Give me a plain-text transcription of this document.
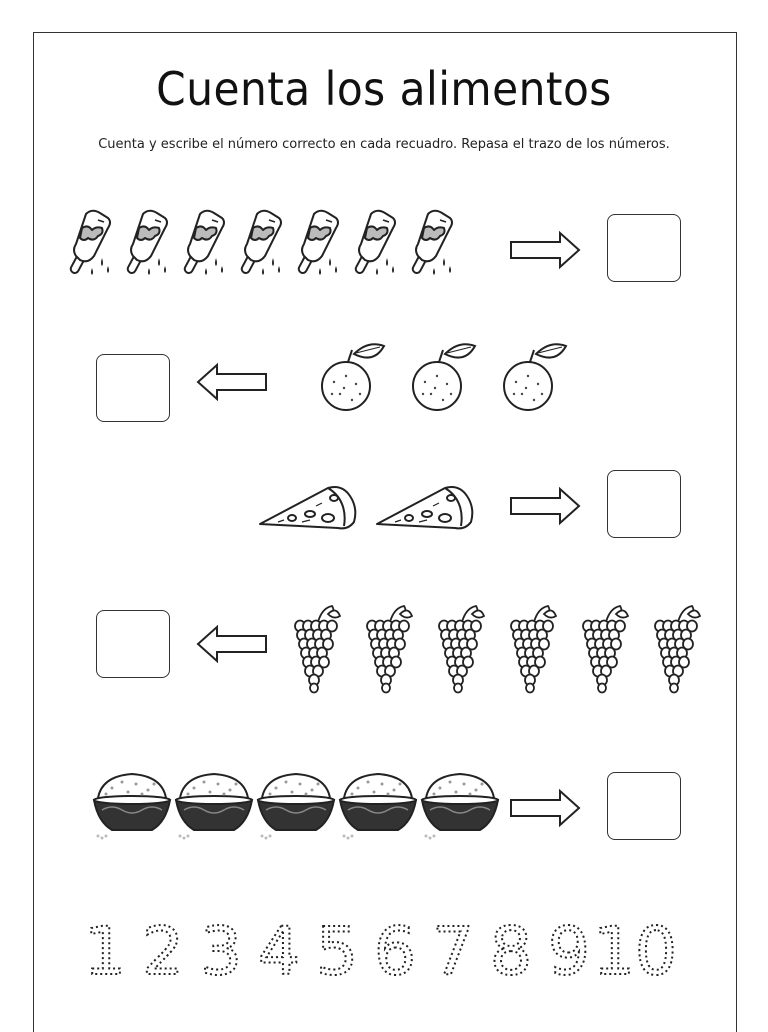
Cuenta los alimentos
Cuenta y escribe el número correcto en cada recuadro. Repasa el trazo de los números.
1 2 3 4 5 6 7 8 9 10
